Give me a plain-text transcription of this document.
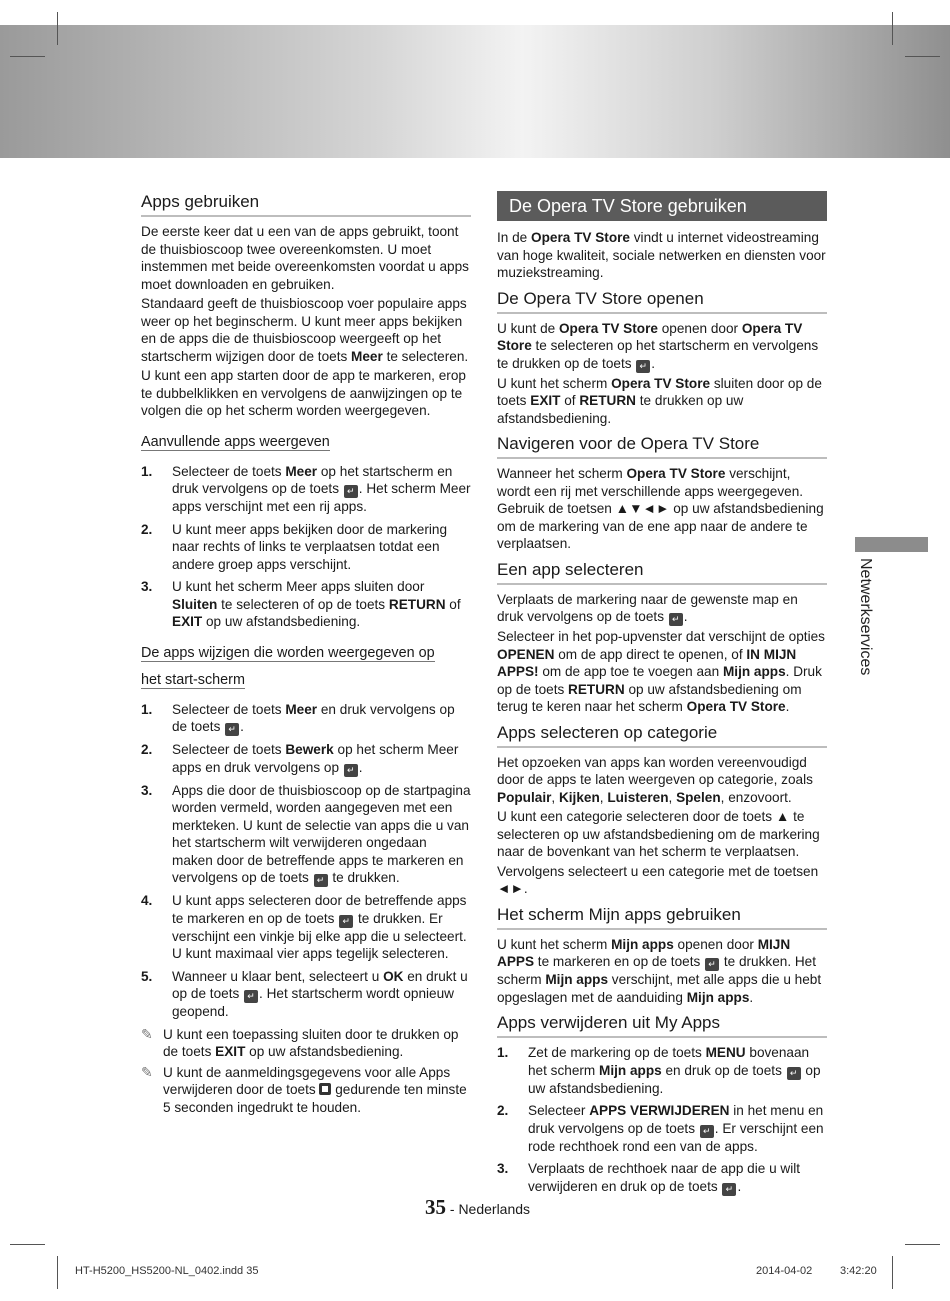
Apps gebruiken

De eerste keer dat u een van de apps gebruikt, toont de thuisbioscoop twee overeenkomsten. U moet instemmen met beide overeenkomsten voordat u apps moet downloaden en gebruiken.

Standaard geeft de thuisbioscoop voer populaire apps weer op het beginscherm. U kunt meer apps bekijken en de apps die de thuisbioscoop weergeeft op het startscherm wijzigen door de toets Meer te selecteren.

U kunt een app starten door de app te markeren, erop te dubbelklikken en vervolgens de aanwijzingen op te volgen die op het scherm worden weergegeven.

Aanvullende apps weergeven
1. Selecteer de toets Meer op het startscherm en druk vervolgens op de toets ↵ . Het scherm Meer apps verschijnt met een rij apps.
2. U kunt meer apps bekijken door de markering naar rechts of links te verplaatsen totdat een andere groep apps verschijnt.
3. U kunt het scherm Meer apps sluiten door Sluiten te selecteren of op de toets RETURN of EXIT op uw afstandsbediening.
De apps wijzigen die worden weergegeven op
het start-scherm
1. Selecteer de toets Meer en druk vervolgens op de toets ↵ .
2. Selecteer de toets Bewerk op het scherm Meer apps en druk vervolgens op ↵ .
3. Apps die door de thuisbioscoop op de startpagina worden vermeld, worden aangegeven met een merkteken. U kunt de selectie van apps die u van het startscherm wilt verwijderen ongedaan maken door de betreffende apps te markeren en vervolgens op de toets ↵ te drukken.
4. U kunt apps selecteren door de betreffende apps te markeren en op de toets ↵ te drukken. Er verschijnt een vinkje bij elke app die u selecteert. U kunt maximaal vier apps tegelijk selecteren.
5. Wanneer u klaar bent, selecteert u OK en drukt u op de toets ↵ . Het startscherm wordt opnieuw geopend.
✎ U kunt een toepassing sluiten door te drukken op de toets EXIT op uw afstandsbediening.
✎ U kunt de aanmeldingsgegevens voor alle Apps verwijderen door de toets  gedurende ten minste 5 seconden ingedrukt te houden.
De Opera TV Store gebruiken

In de Opera TV Store vindt u internet videostreaming van hoge kwaliteit, sociale netwerken en diensten voor muziekstreaming.

De Opera TV Store openen

U kunt de Opera TV Store openen door Opera TV Store te selecteren op het startscherm en vervolgens te drukken op de toets ↵ .

U kunt het scherm Opera TV Store sluiten door op de toets EXIT of RETURN te drukken op uw afstandsbediening.

Navigeren voor de Opera TV Store

Wanneer het scherm Opera TV Store verschijnt, wordt een rij met verschillende apps weergegeven. Gebruik de toetsen ▲▼◄► op uw afstandsbediening om de markering van de ene app naar de andere te verplaatsen.

Een app selecteren

Verplaats de markering naar de gewenste map en druk vervolgens op de toets ↵ .

Selecteer in het pop-upvenster dat verschijnt de opties OPENEN om de app direct te openen, of IN MIJN APPS! om de app toe te voegen aan Mijn apps. Druk op de toets RETURN op uw afstandsbediening om terug te keren naar het scherm Opera TV Store.

Apps selecteren op categorie

Het opzoeken van apps kan worden vereenvoudigd door de apps te laten weergeven op categorie, zoals Populair, Kijken, Luisteren, Spelen, enzovoort.

U kunt een categorie selecteren door de toets ▲ te selecteren op uw afstandsbediening om de markering naar de bovenkant van het scherm te verplaatsen.

Vervolgens selecteert u een categorie met de toetsen ◄►.

Het scherm Mijn apps gebruiken

U kunt het scherm Mijn apps openen door MIJN APPS te markeren en op de toets ↵ te drukken. Het scherm Mijn apps verschijnt, met alle apps die u hebt opgeslagen met de aanduiding Mijn apps.

Apps verwijderen uit My Apps
1. Zet de markering op de toets MENU bovenaan het scherm Mijn apps en druk op de toets ↵ op uw afstandsbediening.
2. Selecteer APPS VERWIJDEREN in het menu en druk vervolgens op de toets ↵ . Er verschijnt een rode rechthoek rond een van de apps.
3. Verplaats de rechthoek naar de app die u wilt verwijderen en druk op de toets ↵ .
Netwerkservices
35 - Nederlands
HT-H5200_HS5200-NL_0402.indd 35	2014-04-02	3:42:20
